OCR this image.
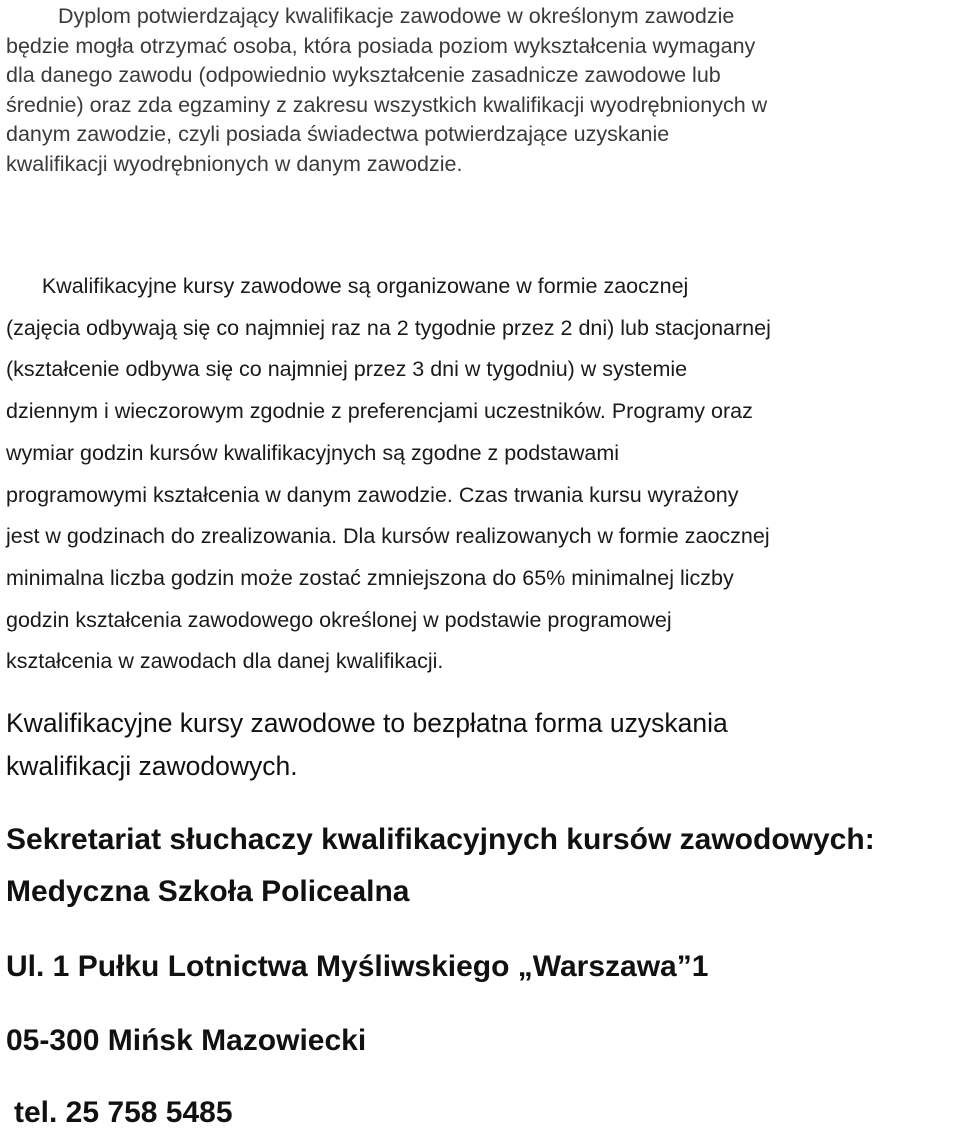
Dyplom potwierdzający kwalifikacje zawodowe w określonym zawodzie
będzie mogła otrzymać osoba, która posiada poziom wykształcenia wymagany
dla danego zawodu (odpowiednio wykształcenie zasadnicze zawodowe lub
średnie) oraz zda egzaminy z zakresu wszystkich kwalifikacji wyodrębnionych w
danym zawodzie, czyli posiada świadectwa potwierdzające uzyskanie
kwalifikacji wyodrębnionych w danym zawodzie.

Kwalifikacyjne kursy zawodowe są organizowane w formie zaocznej
(zajęcia odbywają się co najmniej raz na 2 tygodnie przez 2 dni) lub stacjonarnej
(kształcenie odbywa się co najmniej przez 3 dni w tygodniu) w systemie
dziennym i wieczorowym zgodnie z preferencjami uczestników. Programy oraz
wymiar godzin kursów kwalifikacyjnych są zgodne z podstawami
programowymi kształcenia w danym zawodzie. Czas trwania kursu wyrażony
jest w godzinach do zrealizowania. Dla kursów realizowanych w formie zaocznej
minimalna liczba godzin może zostać zmniejszona do 65% minimalnej liczby
godzin kształcenia zawodowego określonej w podstawie programowej
kształcenia w zawodach dla danej kwalifikacji.

Kwalifikacyjne kursy zawodowe to bezpłatna forma uzyskania
kwalifikacji zawodowych.

Sekretariat słuchaczy kwalifikacyjnych kursów zawodowych:
Medyczna Szkoła Policealna
Ul. 1 Pułku Lotnictwa Myśliwskiego „Warszawa”1
05-300 Mińsk Mazowiecki
tel. 25 758 5485
